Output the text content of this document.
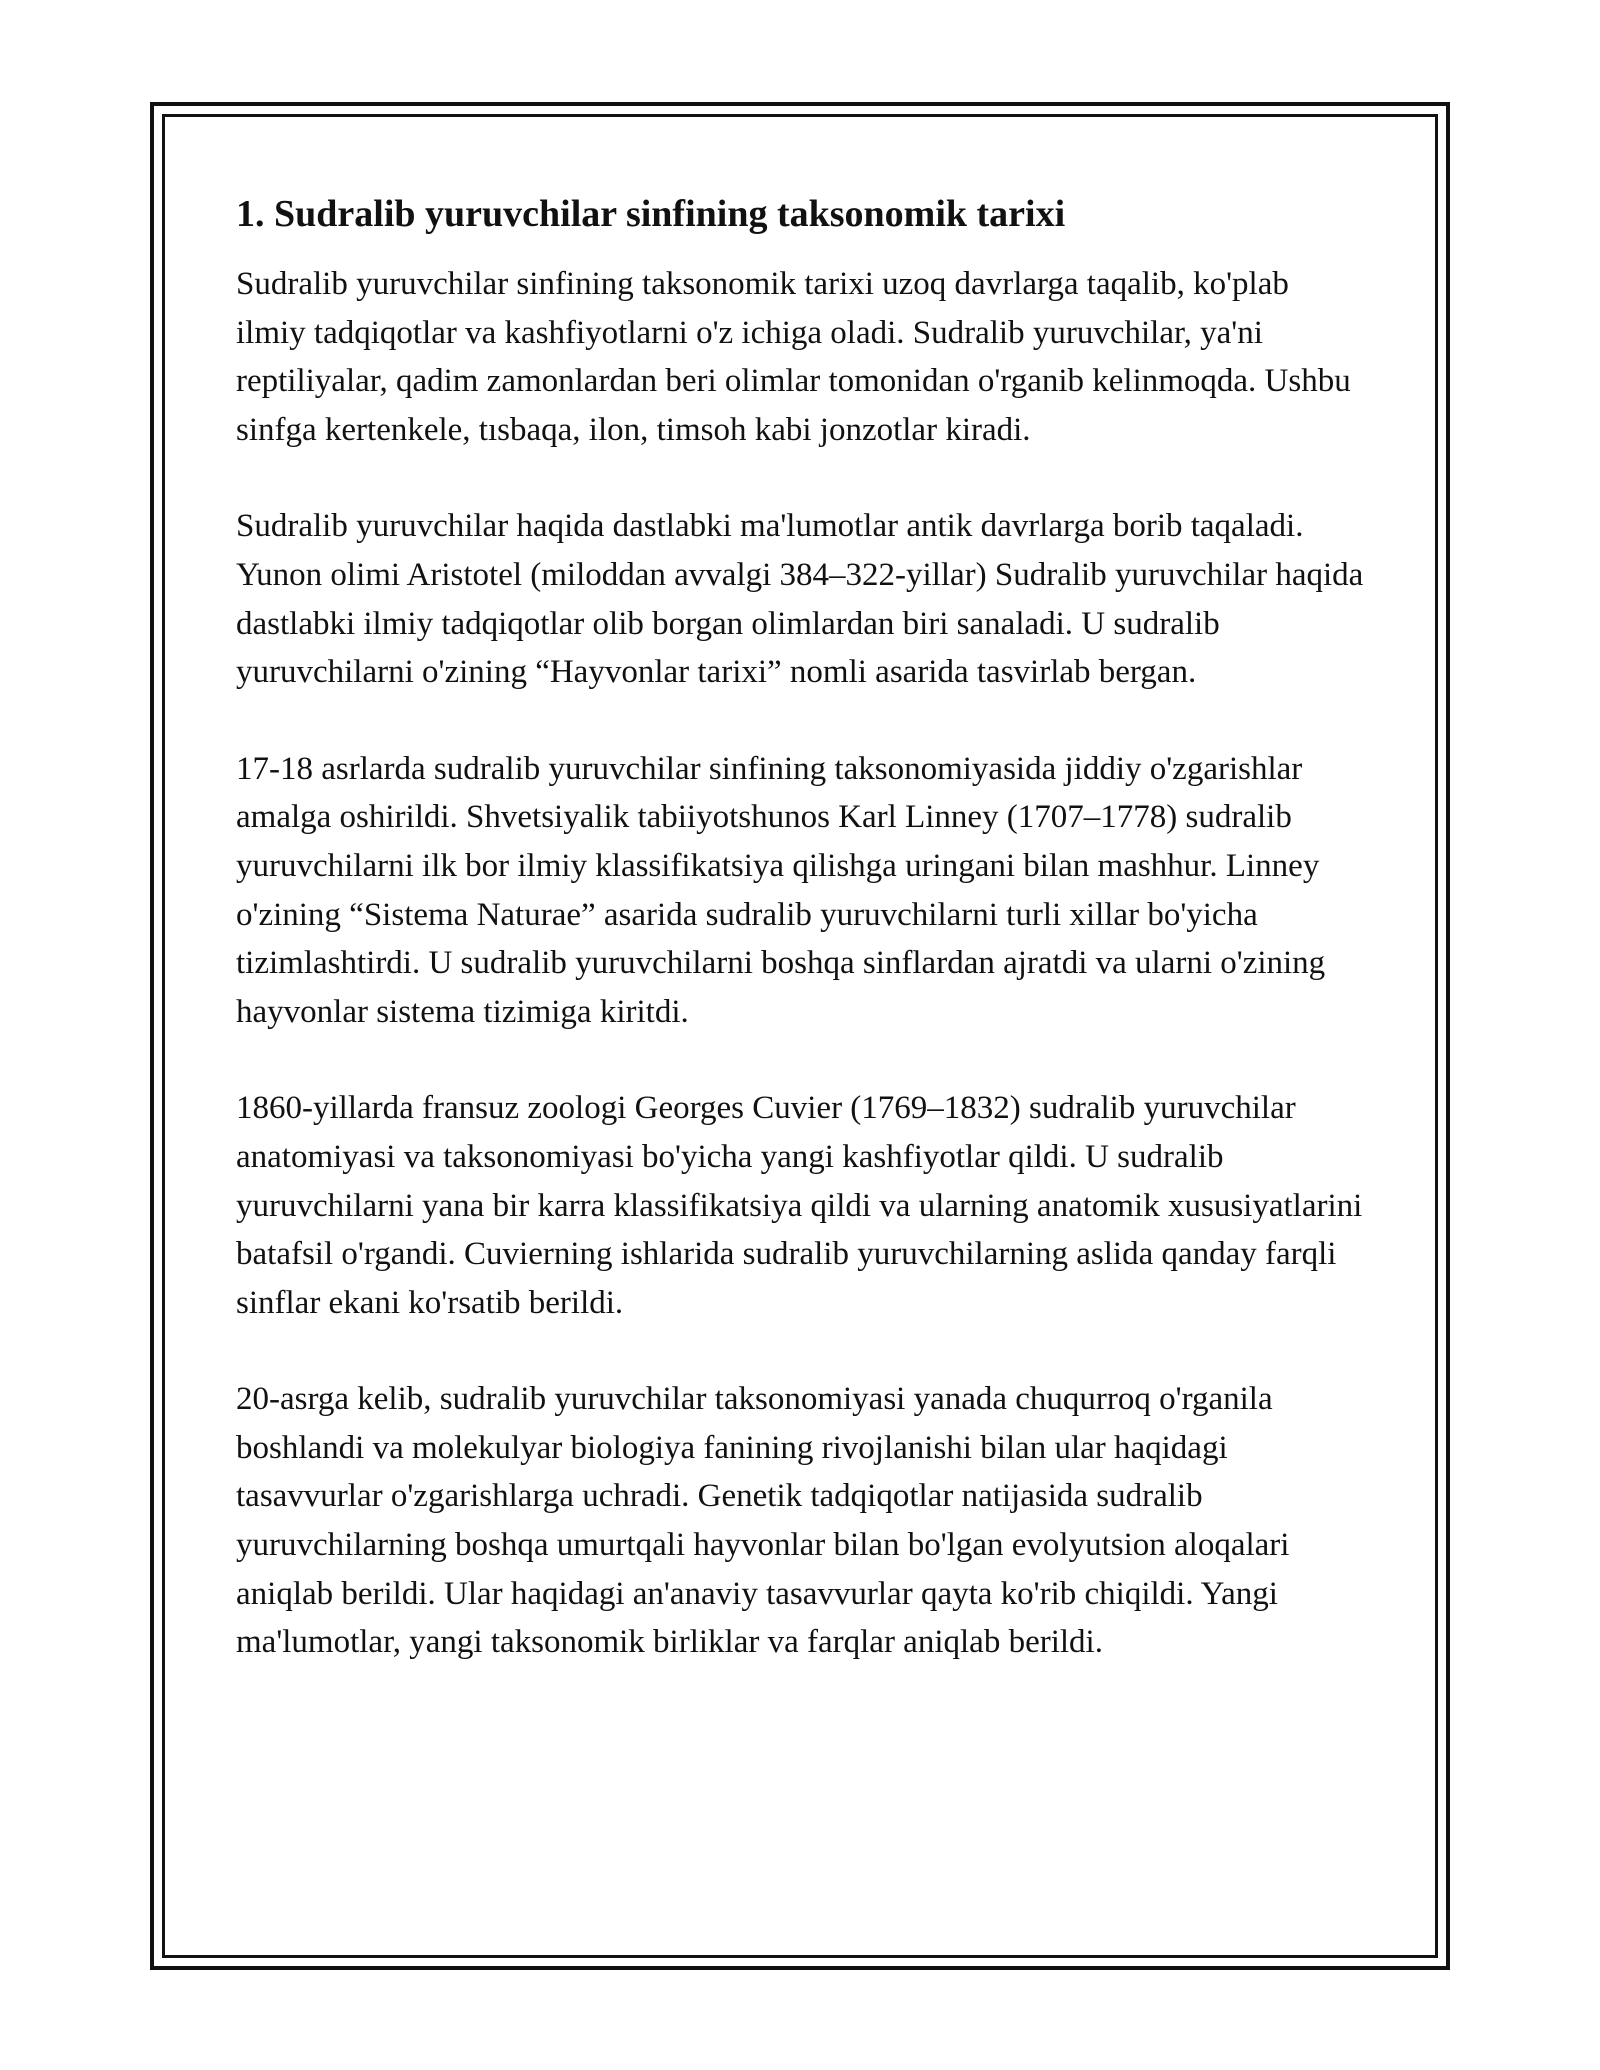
1. Sudralib yuruvchilar sinfining taksonomik tarixi

Sudralib yuruvchilar sinfining taksonomik tarixi uzoq davrlarga taqalib, ko'plab ilmiy tadqiqotlar va kashfiyotlarni o'z ichiga oladi. Sudralib yuruvchilar, ya'ni reptiliyalar, qadim zamonlardan beri olimlar tomonidan o'rganib kelinmoqda. Ushbu sinfga kertenkele, tısbaqa, ilon, timsoh kabi jonzotlar kiradi.

Sudralib yuruvchilar haqida dastlabki ma'lumotlar antik davrlarga borib taqaladi. Yunon olimi Aristotel (miloddan avvalgi 384–322-yillar) Sudralib yuruvchilar haqida dastlabki ilmiy tadqiqotlar olib borgan olimlardan biri sanaladi. U sudralib yuruvchilarni o'zining “Hayvonlar tarixi” nomli asarida tasvirlab bergan.

17-18 asrlarda sudralib yuruvchilar sinfining taksonomiyasida jiddiy o'zgarishlar amalga oshirildi. Shvetsiyalik tabiiyotshunos Karl Linney (1707–1778) sudralib yuruvchilarni ilk bor ilmiy klassifikatsiya qilishga uringani bilan mashhur. Linney o'zining “Sistema Naturae” asarida sudralib yuruvchilarni turli xillar bo'yicha tizimlashtirdi. U sudralib yuruvchilarni boshqa sinflardan ajratdi va ularni o'zining hayvonlar sistema tizimiga kiritdi.

1860-yillarda fransuz zoologi Georges Cuvier (1769–1832) sudralib yuruvchilar anatomiyasi va taksonomiyasi bo'yicha yangi kashfiyotlar qildi. U sudralib yuruvchilarni yana bir karra klassifikatsiya qildi va ularning anatomik xususiyatlarini batafsil o'rgandi. Cuvierning ishlarida sudralib yuruvchilarning aslida qanday farqli sinflar ekani ko'rsatib berildi.

20-asrga kelib, sudralib yuruvchilar taksonomiyasi yanada chuqurroq o'rganila boshlandi va molekulyar biologiya fanining rivojlanishi bilan ular haqidagi tasavvurlar o'zgarishlarga uchradi. Genetik tadqiqotlar natijasida sudralib yuruvchilarning boshqa umurtqali hayvonlar bilan bo'lgan evolyutsion aloqalari aniqlab berildi. Ular haqidagi an'anaviy tasavvurlar qayta ko'rib chiqildi. Yangi ma'lumotlar, yangi taksonomik birliklar va farqlar aniqlab berildi.
